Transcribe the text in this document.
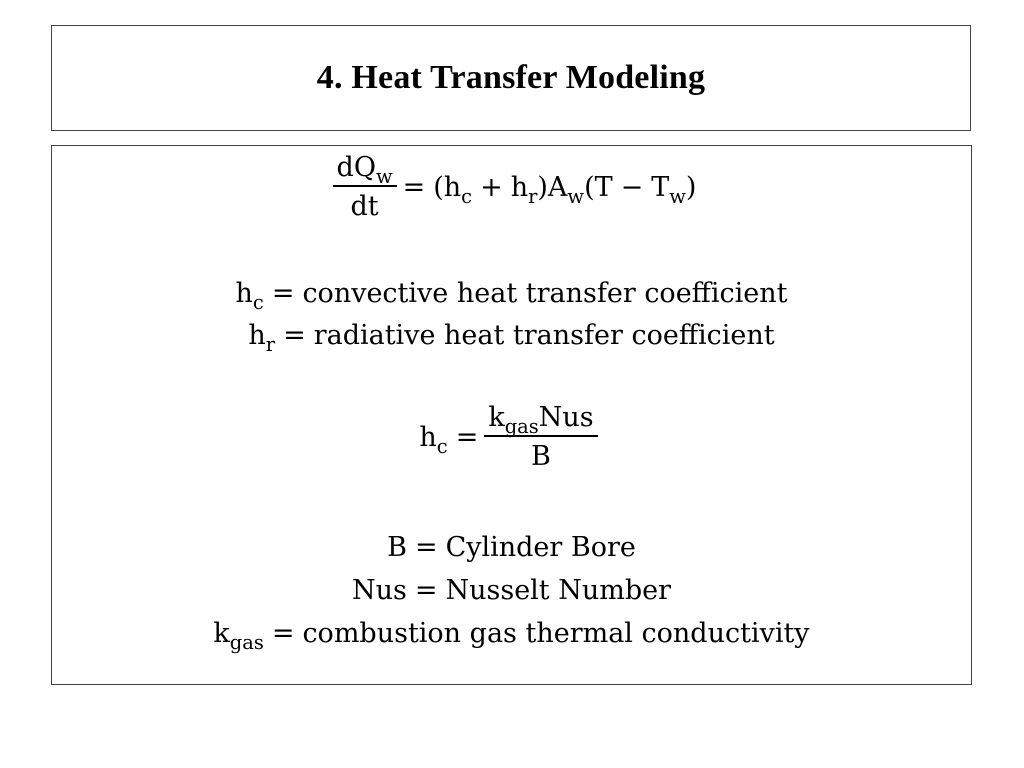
4. Heat Transfer Modeling
$\frac{dQ_w}{dt} = (h_c + h_r)A_w(T - T_w)$
$h_c$ = convective heat transfer coefficient
$h_r$ = radiative heat transfer coefficient
$h_c = \frac{k_{gas}Nus}{B}$
B = Cylinder Bore
Nus = Nusselt Number
$k_{gas}$ = combustion gas thermal conductivity
